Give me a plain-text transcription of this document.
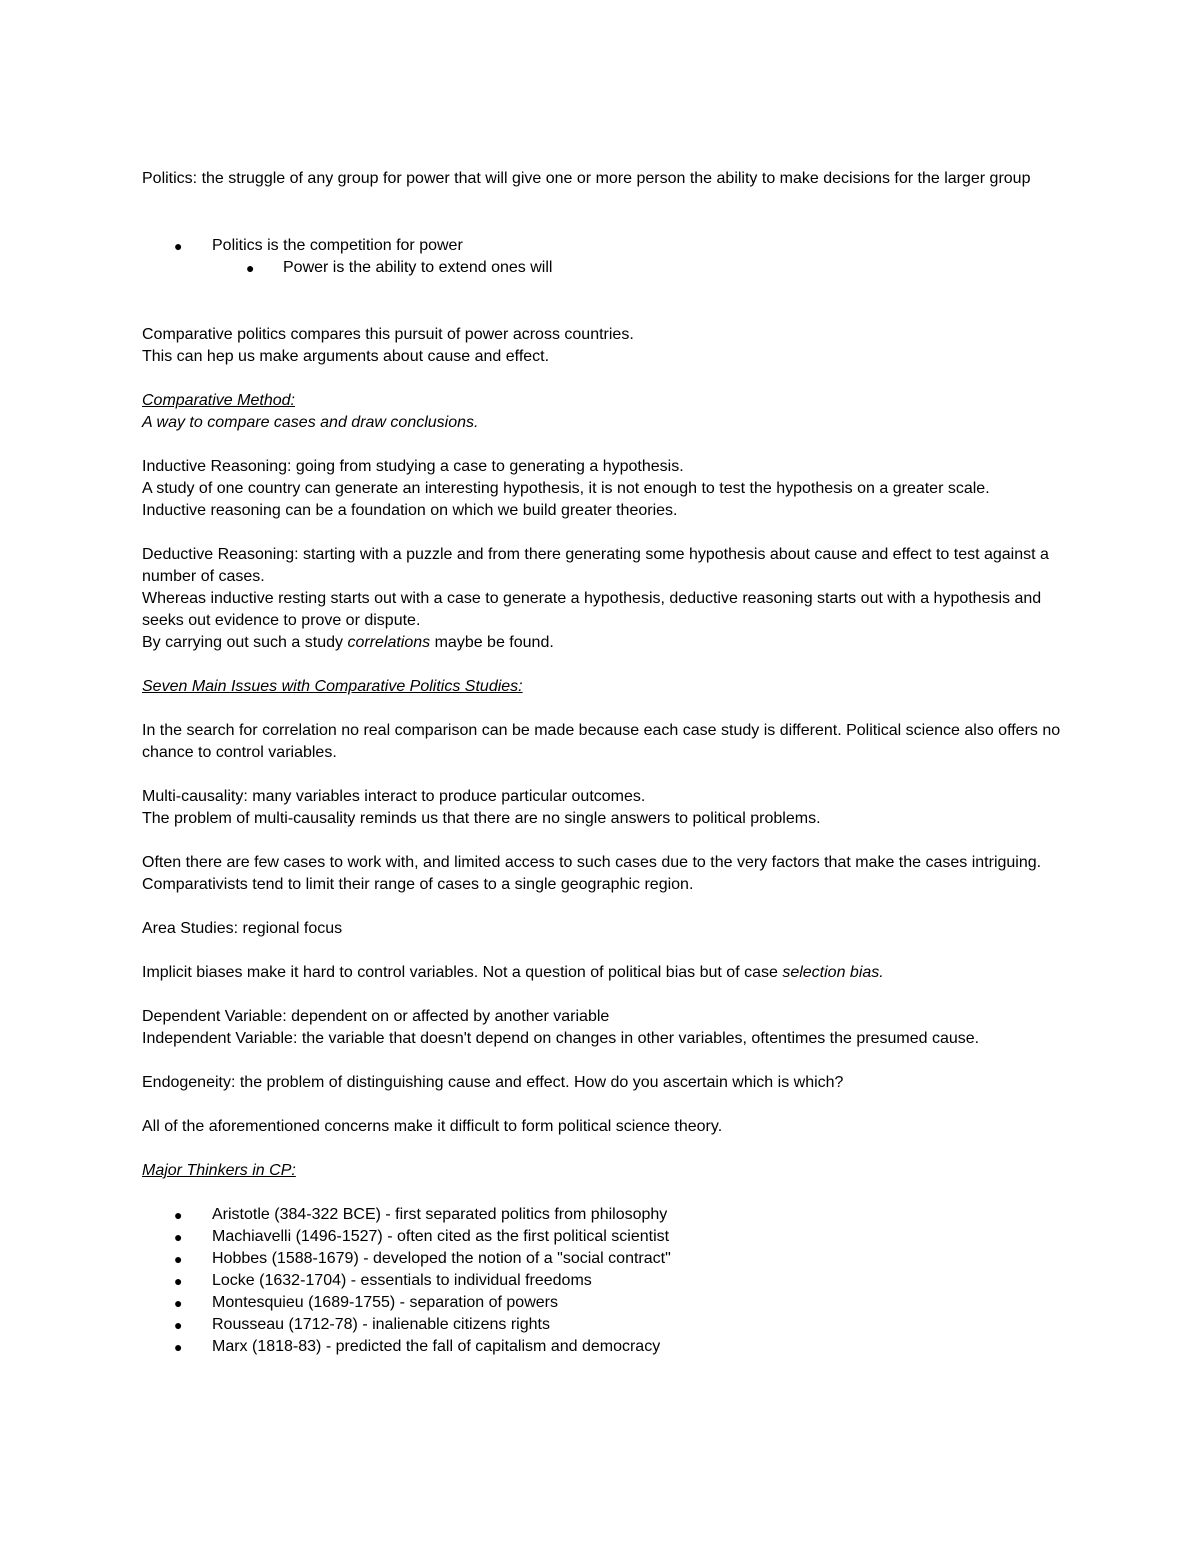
Politics: the struggle of any group for power that will give one or more person the ability to make decisions for the larger group

● Politics is the competition for power
● Power is the ability to extend ones will

Comparative politics compares this pursuit of power across countries.

This can hep us make arguments about cause and effect.

Comparative Method:

A way to compare cases and draw conclusions.

Inductive Reasoning: going from studying a case to generating a hypothesis.

A study of one country can generate an interesting hypothesis, it is not enough to test the hypothesis on a greater scale.

Inductive reasoning can be a foundation on which we build greater theories.

Deductive Reasoning: starting with a puzzle and from there generating some hypothesis about cause and effect to test against a number of cases.

Whereas inductive resting starts out with a case to generate a hypothesis, deductive reasoning starts out with a hypothesis and seeks out evidence to prove or dispute.

By carrying out such a study correlations maybe be found.

Seven Main Issues with Comparative Politics Studies:

In the search for correlation no real comparison can be made because each case study is different. Political science also offers no chance to control variables.

Multi-causality: many variables interact to produce particular outcomes.

The problem of multi-causality reminds us that there are no single answers to political problems.

Often there are few cases to work with, and limited access to such cases due to the very factors that make the cases intriguing.

Comparativists tend to limit their range of cases to a single geographic region.

Area Studies: regional focus

Implicit biases make it hard to control variables. Not a question of political bias but of case selection bias.

Dependent Variable: dependent on or affected by another variable

Independent Variable: the variable that doesn't depend on changes in other variables, oftentimes the presumed cause.

Endogeneity: the problem of distinguishing cause and effect. How do you ascertain which is which?

All of the aforementioned concerns make it difficult to form political science theory.

Major Thinkers in CP:

● Aristotle (384-322 BCE) - first separated politics from philosophy
● Machiavelli (1496-1527) - often cited as the first political scientist
● Hobbes (1588-1679) - developed the notion of a "social contract"
● Locke (1632-1704) - essentials to individual freedoms
● Montesquieu (1689-1755) - separation of powers
● Rousseau (1712-78) - inalienable citizens rights
● Marx (1818-83) - predicted the fall of capitalism and democracy
